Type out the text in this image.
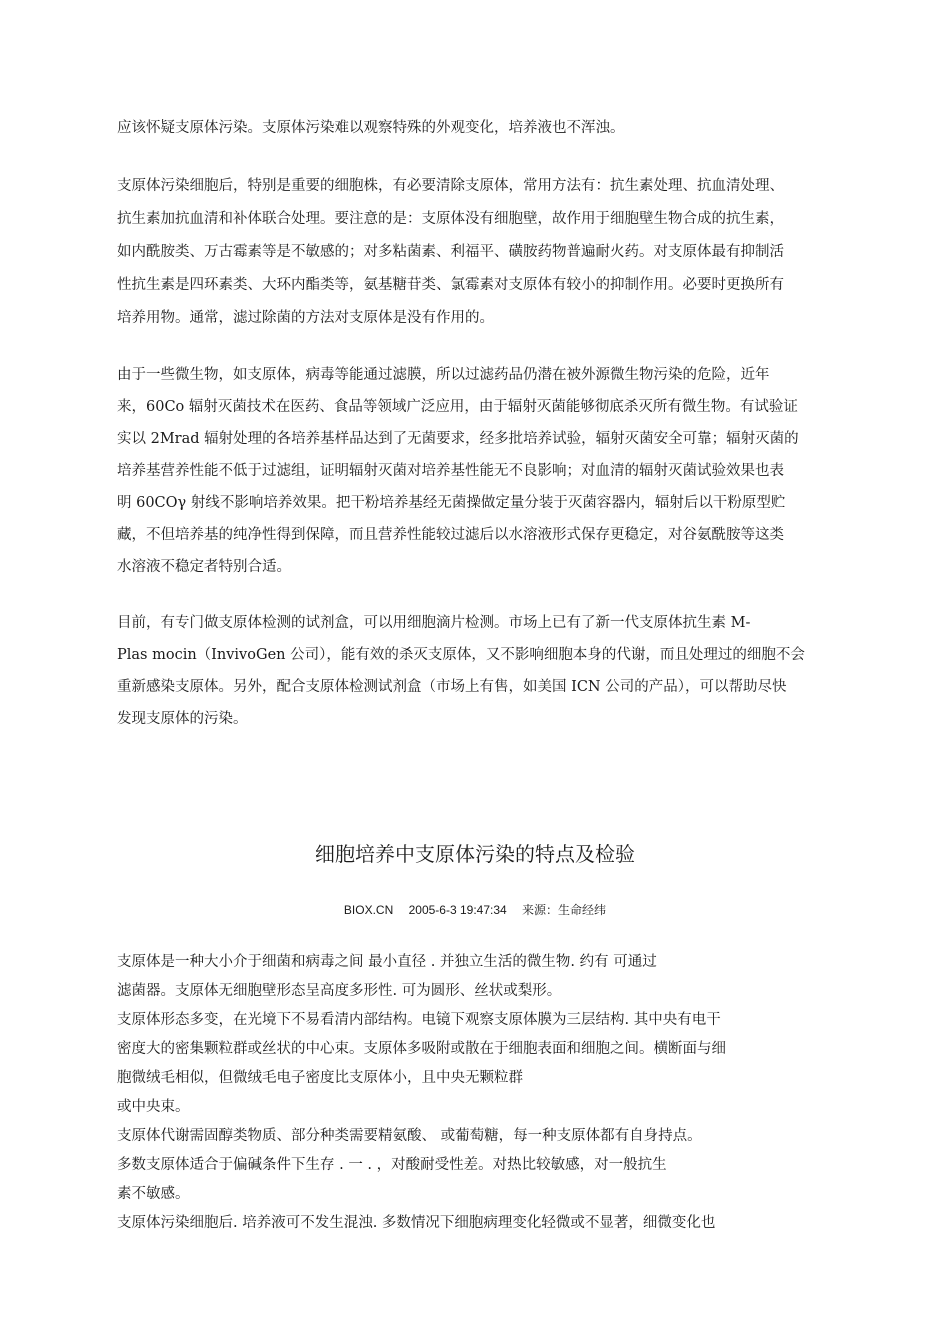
应该怀疑支原体污染。支原体污染难以观察特殊的外观变化，培养液也不浑浊。
支原体污染细胞后，特别是重要的细胞株，有必要清除支原体，常用方法有：抗生素处理、抗血清处理、
抗生素加抗血清和补体联合处理。要注意的是：支原体没有细胞壁，故作用于细胞壁生物合成的抗生素，
如内酰胺类、万古霉素等是不敏感的；对多粘菌素、利福平、磺胺药物普遍耐火药。对支原体最有抑制活
性抗生素是四环素类、大环内酯类等，氨基糖苷类、氯霉素对支原体有较小的抑制作用。必要时更换所有
培养用物。通常，滤过除菌的方法对支原体是没有作用的。
由于一些微生物，如支原体，病毒等能通过滤膜，所以过滤药品仍潜在被外源微生物污染的危险，近年
来，60Co 辐射灭菌技术在医药、食品等领域广泛应用，由于辐射灭菌能够彻底杀灭所有微生物。有试验证
实以 2Mrad 辐射处理的各培养基样品达到了无菌要求，经多批培养试验，辐射灭菌安全可靠；辐射灭菌的
培养基营养性能不低于过滤组，证明辐射灭菌对培养基性能无不良影响；对血清的辐射灭菌试验效果也表
明 60COγ 射线不影响培养效果。把干粉培养基经无菌操做定量分装于灭菌容器内，辐射后以干粉原型贮
藏，不但培养基的纯净性得到保障，而且营养性能较过滤后以水溶液形式保存更稳定，对谷氨酰胺等这类
水溶液不稳定者特别合适。
目前，有专门做支原体检测的试剂盒，可以用细胞滴片检测。市场上已有了新一代支原体抗生素 M-
Plas mocin（InvivoGen 公司），能有效的杀灭支原体，又不影响细胞本身的代谢，而且处理过的细胞不会
重新感染支原体。另外，配合支原体检测试剂盒（市场上有售，如美国 ICN 公司的产品），可以帮助尽快
发现支原体的污染。
细胞培养中支原体污染的特点及检验
BIOX.CN 2005-6-3 19:47:34 来源：生命经纬
支原体是一种大小介于细菌和病毒之间 最小直径 . 并独立生活的微生物. 约有 可通过
滤菌器。支原体无细胞壁形态呈高度多形性. 可为圆形、丝状或梨形。
支原体形态多变，在光境下不易看清内部结构。电镜下观察支原体膜为三层结构. 其中央有电干
密度大的密集颗粒群或丝状的中心束。支原体多吸附或散在于细胞表面和细胞之间。横断面与细
胞微绒毛相似，但微绒毛电子密度比支原体小，且中央无颗粒群
或中央束。
支原体代谢需固醇类物质、部分种类需要精氨酸、 或葡萄糖，每一种支原体都有自身持点。
多数支原体适合于偏碱条件下生存 . 一 . ，对酸耐受性差。对热比较敏感，对一般抗生
素不敏感。
支原体污染细胞后. 培养液可不发生混浊. 多数情况下细胞病理变化轻微或不显著，细微变化也
